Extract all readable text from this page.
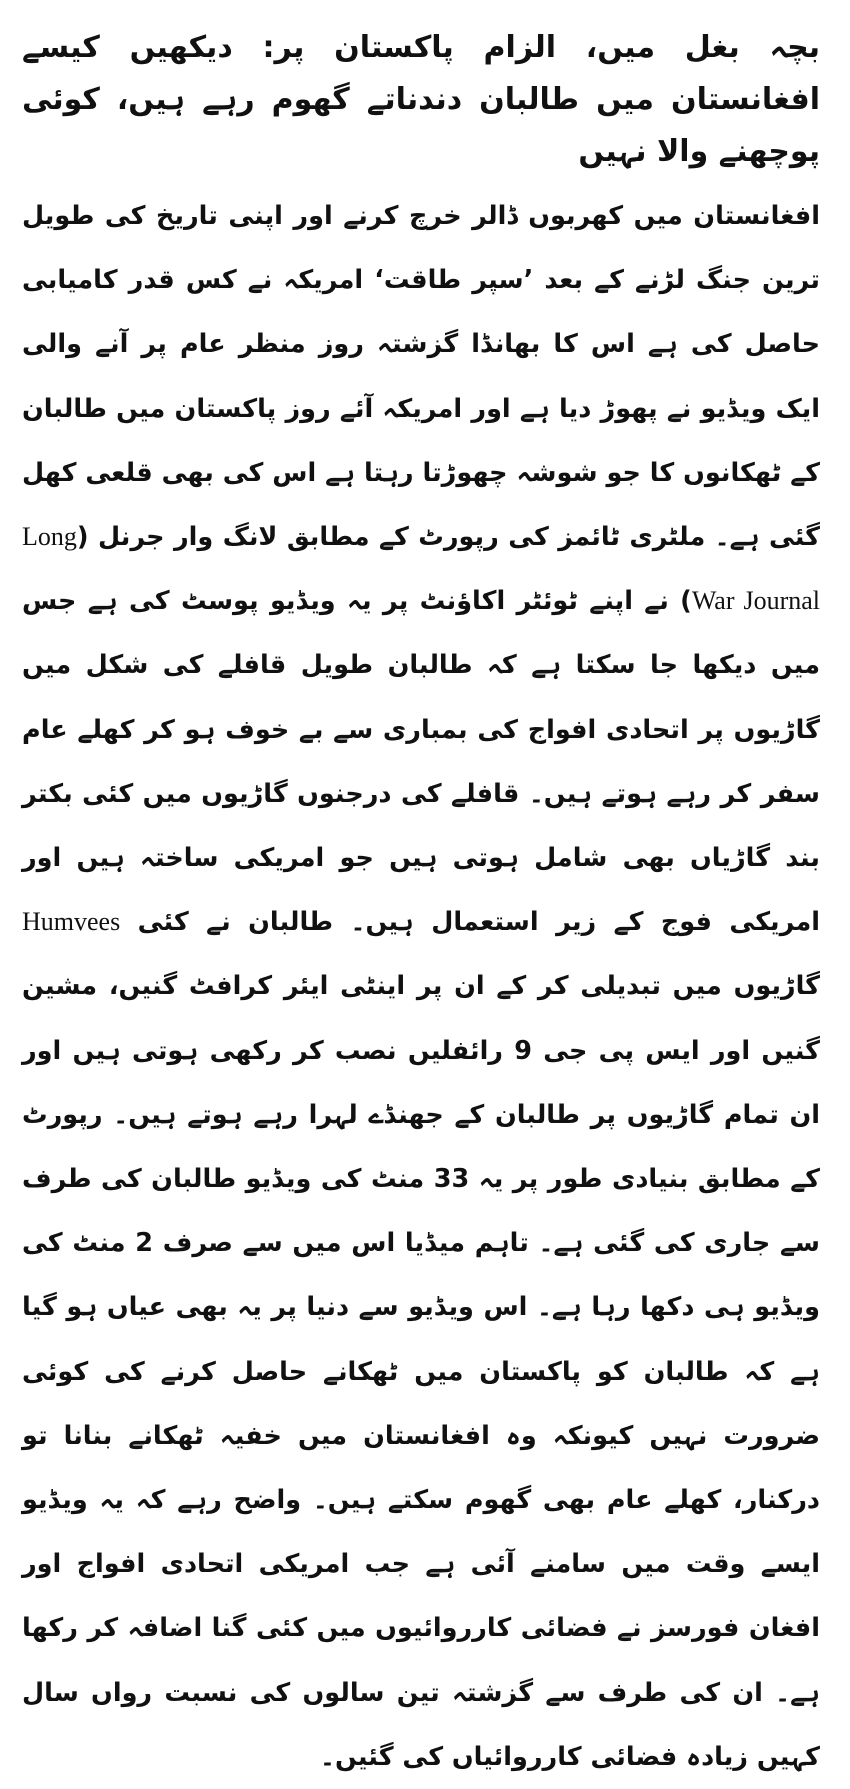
بچہ بغل میں، الزام پاکستان پر: دیکھیں کیسے افغانستان میں طالبان دندناتے گھوم رہے ہیں، کوئی پوچھنے والا نہیں

افغانستان میں کھربوں ڈالر خرچ کرنے اور اپنی تاریخ کی طویل ترین جنگ لڑنے کے بعد ’سپر طاقت‘ امریکہ نے کس قدر کامیابی حاصل کی ہے اس کا بھانڈا گزشتہ روز منظر عام پر آنے والی ایک ویڈیو نے پھوڑ دیا ہے اور امریکہ آئے روز پاکستان میں طالبان کے ٹھکانوں کا جو شوشہ چھوڑتا رہتا ہے اس کی بھی قلعی کھل گئی ہے۔ ملٹری ٹائمز کی رپورٹ کے مطابق لانگ وار جرنل (Long War Journal) نے اپنے ٹوئٹر اکاؤنٹ پر یہ ویڈیو پوسٹ کی ہے جس میں دیکھا جا سکتا ہے کہ طالبان طویل قافلے کی شکل میں گاڑیوں پر اتحادی افواج کی بمباری سے بے خوف ہو کر کھلے عام سفر کر رہے ہوتے ہیں۔ قافلے کی درجنوں گاڑیوں میں کئی بکتر بند گاڑیاں بھی شامل ہوتی ہیں جو امریکی ساختہ ہیں اور امریکی فوج کے زیر استعمال ہیں۔ طالبان نے کئی Humvees گاڑیوں میں تبدیلی کر کے ان پر اینٹی ایئر کرافٹ گنیں، مشین گنیں اور ایس پی جی 9 رائفلیں نصب کر رکھی ہوتی ہیں اور ان تمام گاڑیوں پر طالبان کے جھنڈے لہرا رہے ہوتے ہیں۔ رپورٹ کے مطابق بنیادی طور پر یہ 33 منٹ کی ویڈیو طالبان کی طرف سے جاری کی گئی ہے۔ تاہم میڈیا اس میں سے صرف 2 منٹ کی ویڈیو ہی دکھا رہا ہے۔ اس ویڈیو سے دنیا پر یہ بھی عیاں ہو گیا ہے کہ طالبان کو پاکستان میں ٹھکانے حاصل کرنے کی کوئی ضرورت نہیں کیونکہ وہ افغانستان میں خفیہ ٹھکانے بنانا تو درکنار، کھلے عام بھی گھوم سکتے ہیں۔ واضح رہے کہ یہ ویڈیو ایسے وقت میں سامنے آئی ہے جب امریکی اتحادی افواج اور افغان فورسز نے فضائی کارروائیوں میں کئی گنا اضافہ کر رکھا ہے۔ ان کی طرف سے گزشتہ تین سالوں کی نسبت رواں سال کہیں زیادہ فضائی کارروائیاں کی گئیں۔
